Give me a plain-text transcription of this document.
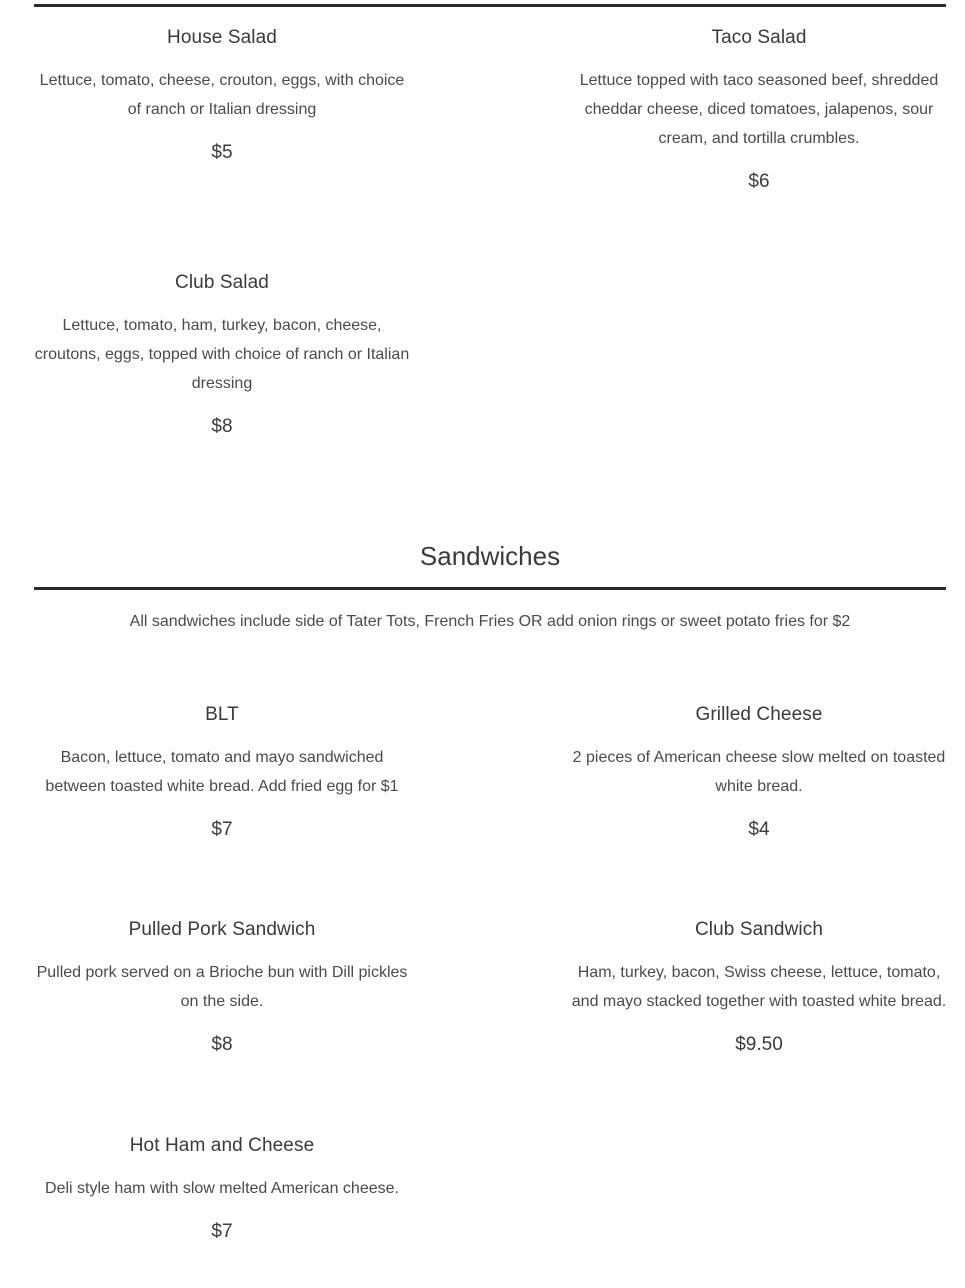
House Salad

Lettuce, tomato, cheese, crouton, eggs, with choice of ranch or Italian dressing

$5

Taco Salad

Lettuce topped with taco seasoned beef, shredded cheddar cheese, diced tomatoes, jalapenos, sour cream, and tortilla crumbles.

$6

Club Salad

Lettuce, tomato, ham, turkey, bacon, cheese, croutons, eggs, topped with choice of ranch or Italian dressing

$8

Sandwiches

All sandwiches include side of Tater Tots, French Fries OR add onion rings or sweet potato fries for $2

BLT

Bacon, lettuce, tomato and mayo sandwiched between toasted white bread. Add fried egg for $1

$7

Grilled Cheese

2 pieces of American cheese slow melted on toasted white bread.

$4

Pulled Pork Sandwich

Pulled pork served on a Brioche bun with Dill pickles on the side.

$8

Club Sandwich

Ham, turkey, bacon, Swiss cheese, lettuce, tomato, and mayo stacked together with toasted white bread.

$9.50

Hot Ham and Cheese

Deli style ham with slow melted American cheese.

$7
